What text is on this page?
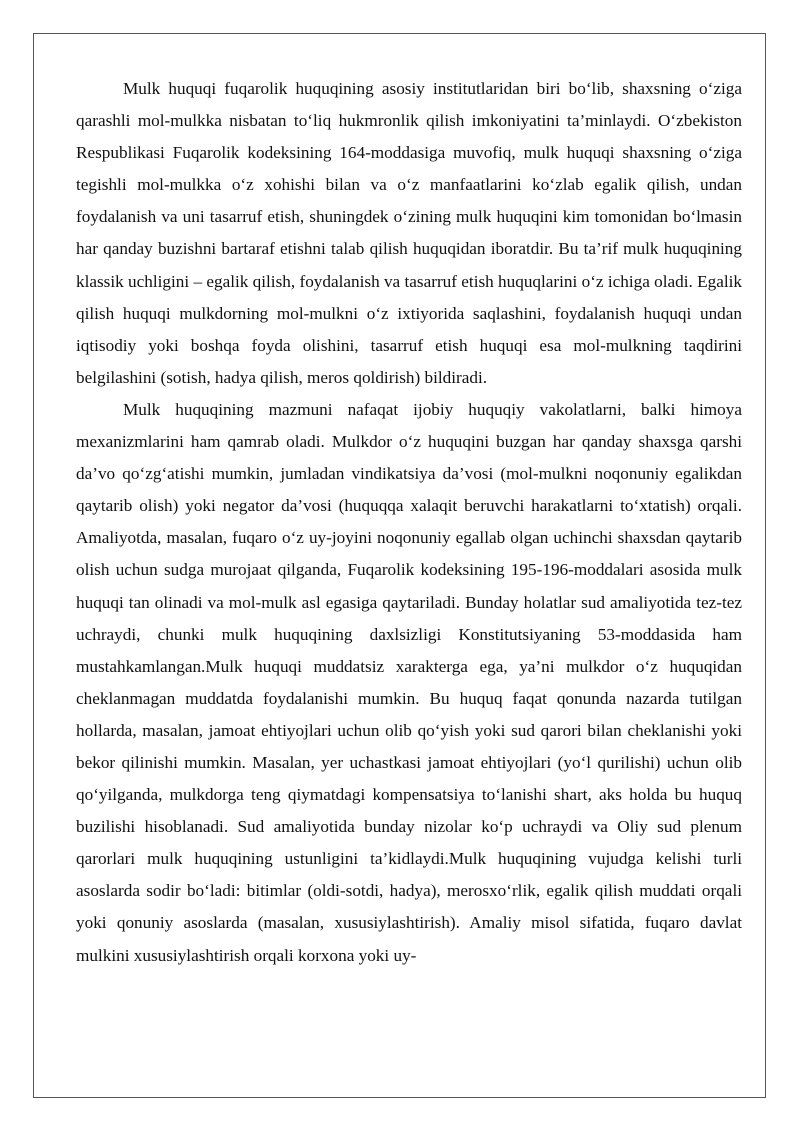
Mulk huquqi fuqarolik huquqining asosiy institutlaridan biri bo‘lib, shaxsning o‘ziga qarashli mol-mulkka nisbatan to‘liq hukmronlik qilish imkoniyatini ta’minlaydi. O‘zbekiston Respublikasi Fuqarolik kodeksining 164-moddasiga muvofiq, mulk huquqi shaxsning o‘ziga tegishli mol-mulkka o‘z xohishi bilan va o‘z manfaatlarini ko‘zlab egalik qilish, undan foydalanish va uni tasarruf etish, shuningdek o‘zining mulk huquqini kim tomonidan bo‘lmasin har qanday buzishni bartaraf etishni talab qilish huquqidan iboratdir. Bu ta’rif mulk huquqining klassik uchligini – egalik qilish, foydalanish va tasarruf etish huquqlarini o‘z ichiga oladi. Egalik qilish huquqi mulkdorning mol-mulkni o‘z ixtiyorida saqlashini, foydalanish huquqi undan iqtisodiy yoki boshqa foyda olishini, tasarruf etish huquqi esa mol-mulkning taqdirini belgilashini (sotish, hadya qilish, meros qoldirish) bildiradi.

Mulk huquqining mazmuni nafaqat ijobiy huquqiy vakolatlarni, balki himoya mexanizmlarini ham qamrab oladi. Mulkdor o‘z huquqini buzgan har qanday shaxsga qarshi da’vo qo‘zg‘atishi mumkin, jumladan vindikatsiya da’vosi (mol-mulkni noqonuniy egalikdan qaytarib olish) yoki negator da’vosi (huquqqa xalaqit beruvchi harakatlarni to‘xtatish) orqali. Amaliyotda, masalan, fuqaro o‘z uy-joyini noqonuniy egallab olgan uchinchi shaxsdan qaytarib olish uchun sudga murojaat qilganda, Fuqarolik kodeksining 195-196-moddalari asosida mulk huquqi tan olinadi va mol-mulk asl egasiga qaytariladi. Bunday holatlar sud amaliyotida tez-tez uchraydi, chunki mulk huquqining daxlsizligi Konstitutsiyaning 53-moddasida ham mustahkamlangan.Mulk huquqi muddatsiz xarakterga ega, ya’ni mulkdor o‘z huquqidan cheklanmagan muddatda foydalanishi mumkin. Bu huquq faqat qonunda nazarda tutilgan hollarda, masalan, jamoat ehtiyojlari uchun olib qo‘yish yoki sud qarori bilan cheklanishi yoki bekor qilinishi mumkin. Masalan, yer uchastkasi jamoat ehtiyojlari (yo‘l qurilishi) uchun olib qo‘yilganda, mulkdorga teng qiymatdagi kompensatsiya to‘lanishi shart, aks holda bu huquq buzilishi hisoblanadi. Sud amaliyotida bunday nizolar ko‘p uchraydi va Oliy sud plenum qarorlari mulk huquqining ustunligini ta’kidlaydi.Mulk huquqining vujudga kelishi turli asoslarda sodir bo‘ladi: bitimlar (oldi-sotdi, hadya), merosxo‘rlik, egalik qilish muddati orqali yoki qonuniy asoslarda (masalan, xususiylashtirish). Amaliy misol sifatida, fuqaro davlat mulkini xususiylashtirish orqali korxona yoki uy-
